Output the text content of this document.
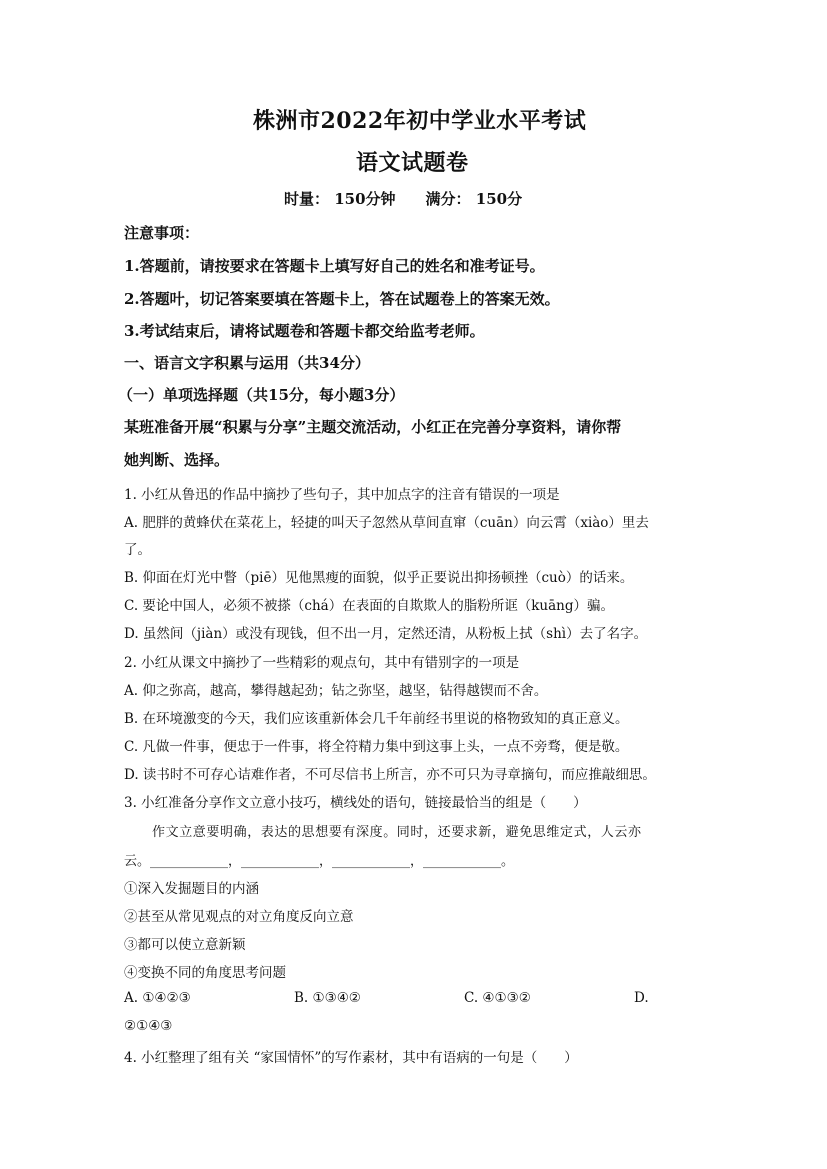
株洲市2022年初中学业水平考试
语文试题卷
时量： 150分钟　　满分： 150分
注意事项：
1.答题前，请按要求在答题卡上填写好自己的姓名和准考证号。
2.答题叶，切记答案要填在答题卡上，答在试题卷上的答案无效。
3.考试结束后，请将试题卷和答题卡都交给监考老师。
一、语言文字积累与运用（共34分）
（一）单项选择题（共15分，每小题3分）
某班准备开展“积累与分享”主题交流活动，小红正在完善分享资料，请你帮
她判断、选择。
1. 小红从鲁迅的作品中摘抄了些句子，其中加点字的注音有错误的一项是
A. 肥胖的黄蜂伏在菜花上，轻捷的叫天子忽然从草间直窜（cuān）向云霄（xiào）里去
了。
B. 仰面在灯光中瞥（piē）见他黑瘦的面貌，似乎正要说出抑扬顿挫（cuò）的话来。
C. 要论中国人，必须不被搽（chá）在表面的自欺欺人的脂粉所诓（kuāng）骗。
D. 虽然间（jiàn）或没有现钱，但不出一月，定然还清，从粉板上拭（shì）去了名字。
2. 小红从课文中摘抄了一些精彩的观点句，其中有错别字的一项是
A. 仰之弥高，越高，攀得越起劲；钻之弥坚，越坚，钻得越锲而不舍。
B. 在环境激变的今天，我们应该重新体会几千年前经书里说的格物致知的真正意义。
C. 凡做一件事，便忠于一件事，将全符精力集中到这事上头，一点不旁骛，便是敬。
D. 读书时不可存心诘难作者，不可尽信书上所言，亦不可只为寻章摘句，而应推敲细思。
3. 小红准备分享作文立意小技巧，横线处的语句，链接最恰当的组是（　　）
作文立意要明确，表达的思想要有深度。同时，还要求新，避免思维定式，人云亦
云。____________，____________，____________，____________。
①深入发掘题目的内涵
②甚至从常见观点的对立角度反向立意
③都可以使立意新颖
④变换不同的角度思考问题
A. ①④②③	B. ①③④②	C. ④①③②	D.
②①④③
4. 小红整理了组有关 “家国情怀”的写作素材，其中有语病的一句是（　　）
